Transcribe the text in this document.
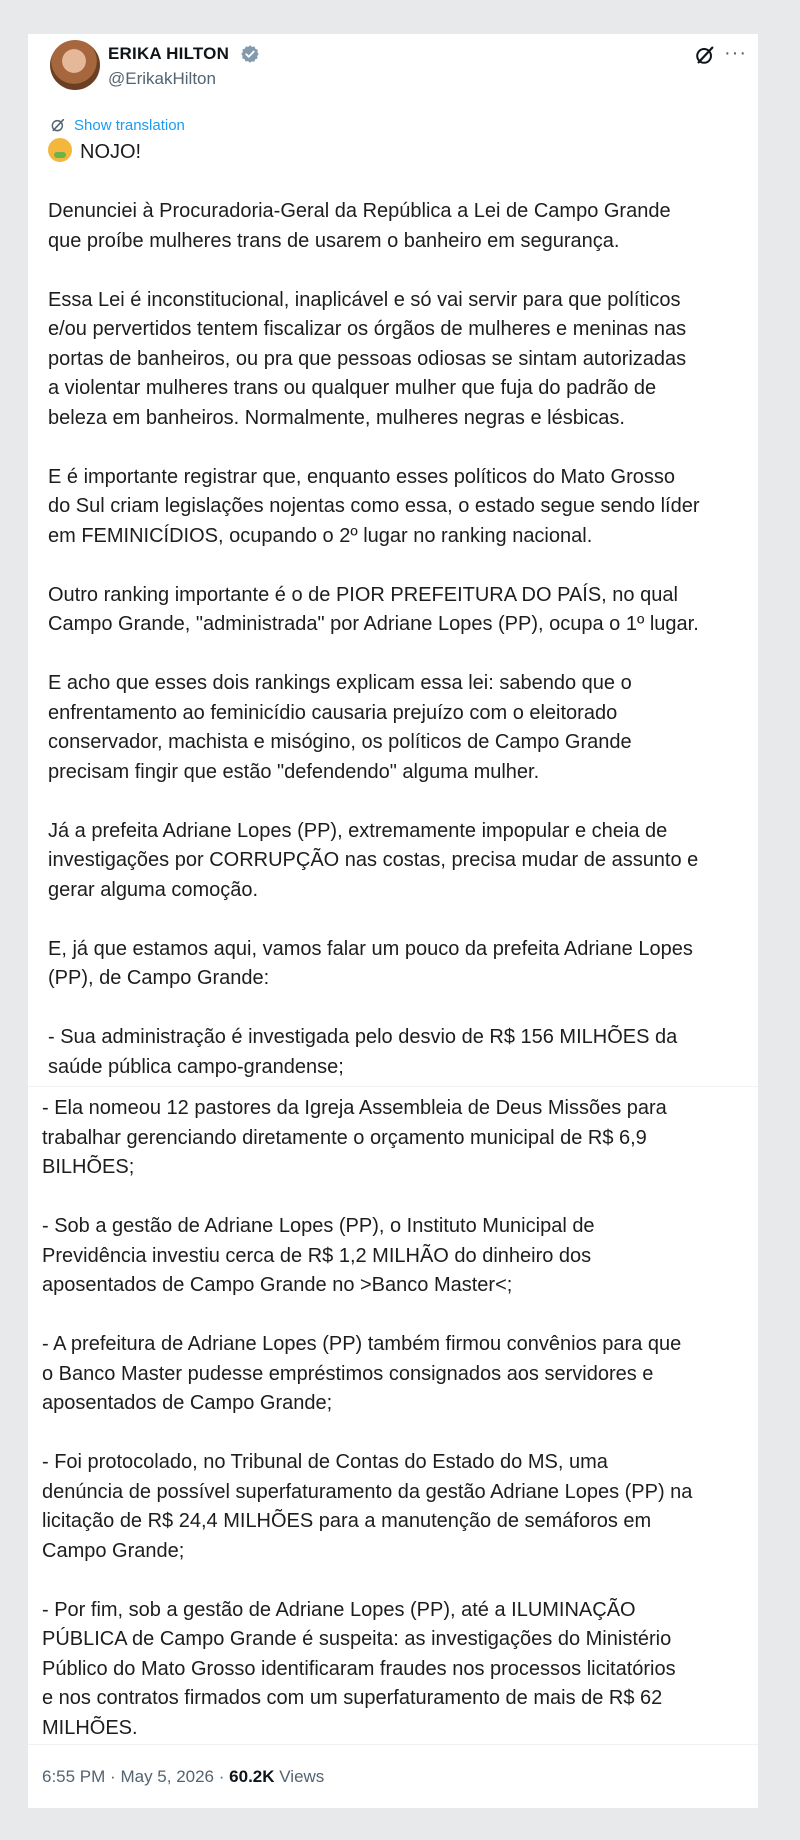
ERIKA HILTON
@ErikakHilton
···
Show translation
NOJO!
Denunciei à Procuradoria-Geral da República a Lei de Campo Grande
que proíbe mulheres trans de usarem o banheiro em segurança.
Essa Lei é inconstitucional, inaplicável e só vai servir para que políticos
e/ou pervertidos tentem fiscalizar os órgãos de mulheres e meninas nas
portas de banheiros, ou pra que pessoas odiosas se sintam autorizadas
a violentar mulheres trans ou qualquer mulher que fuja do padrão de
beleza em banheiros. Normalmente, mulheres negras e lésbicas.
E é importante registrar que, enquanto esses políticos do Mato Grosso
do Sul criam legislações nojentas como essa, o estado segue sendo líder
em FEMINICÍDIOS, ocupando o 2º lugar no ranking nacional.
Outro ranking importante é o de PIOR PREFEITURA DO PAÍS, no qual
Campo Grande, "administrada" por Adriane Lopes (PP), ocupa o 1º lugar.
E acho que esses dois rankings explicam essa lei: sabendo que o
enfrentamento ao feminicídio causaria prejuízo com o eleitorado
conservador, machista e misógino, os políticos de Campo Grande
precisam fingir que estão "defendendo" alguma mulher.
Já a prefeita Adriane Lopes (PP), extremamente impopular e cheia de
investigações por CORRUPÇÃO nas costas, precisa mudar de assunto e
gerar alguma comoção.
E, já que estamos aqui, vamos falar um pouco da prefeita Adriane Lopes
(PP), de Campo Grande:
- Sua administração é investigada pelo desvio de R$ 156 MILHÕES da
saúde pública campo-grandense;
- Ela nomeou 12 pastores da Igreja Assembleia de Deus Missões para
trabalhar gerenciando diretamente o orçamento municipal de R$ 6,9
BILHÕES;
- Sob a gestão de Adriane Lopes (PP), o Instituto Municipal de
Previdência investiu cerca de R$ 1,2 MILHÃO do dinheiro dos
aposentados de Campo Grande no >Banco Master<;
- A prefeitura de Adriane Lopes (PP) também firmou convênios para que
o Banco Master pudesse empréstimos consignados aos servidores e
aposentados de Campo Grande;
- Foi protocolado, no Tribunal de Contas do Estado do MS, uma
denúncia de possível superfaturamento da gestão Adriane Lopes (PP) na
licitação de R$ 24,4 MILHÕES para a manutenção de semáforos em
Campo Grande;
- Por fim, sob a gestão de Adriane Lopes (PP), até a ILUMINAÇÃO
PÚBLICA de Campo Grande é suspeita: as investigações do Ministério
Público do Mato Grosso identificaram fraudes nos processos licitatórios
e nos contratos firmados com um superfaturamento de mais de R$ 62
MILHÕES.
6:55 PM · May 5, 2026 · 60.2K Views
